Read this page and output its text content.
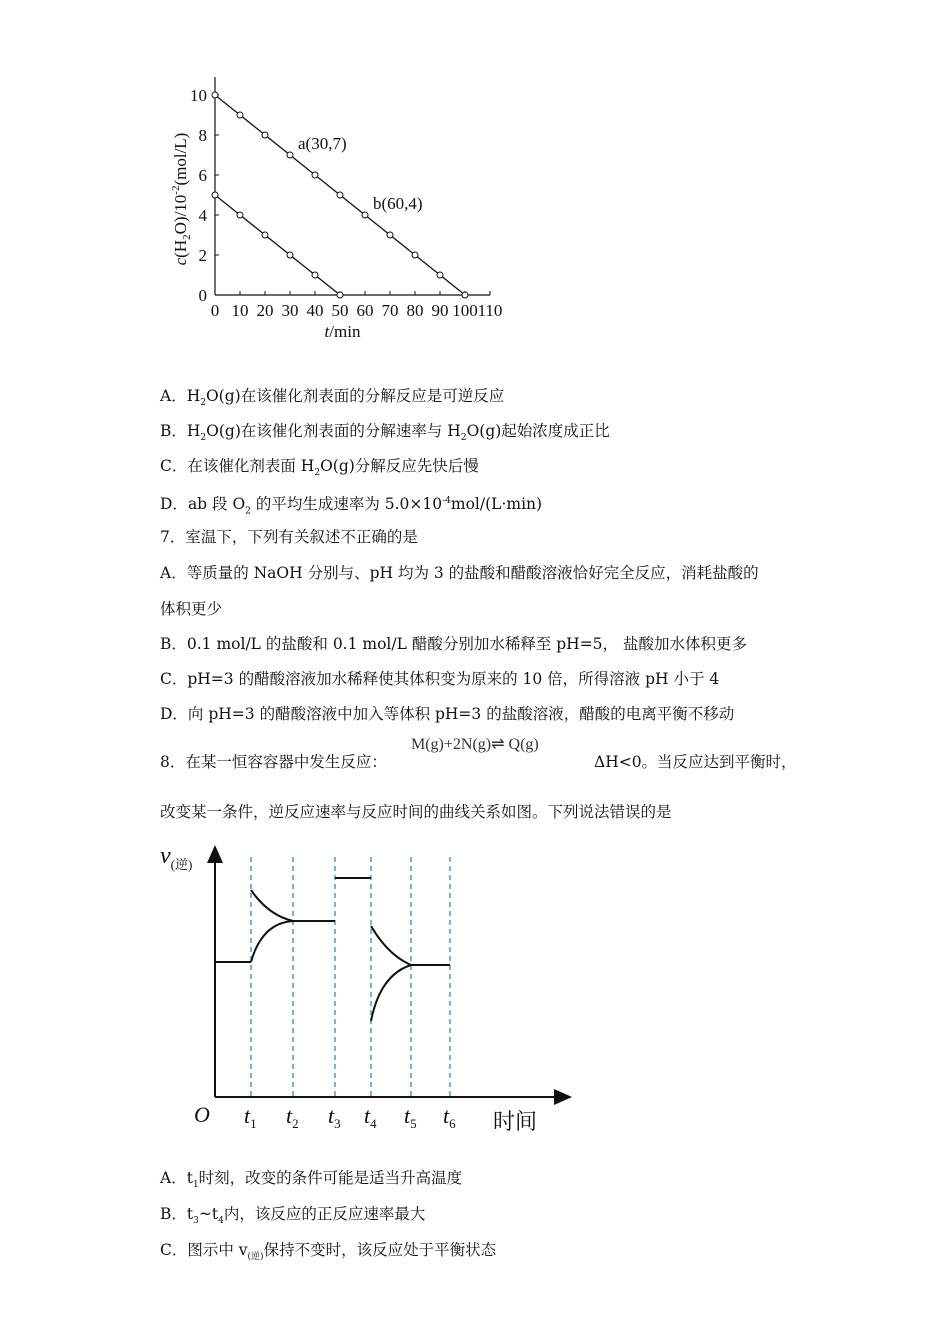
0 10 20 30 40 50 60 70 80 90 100 110
0
2
4
6
8
10
a(30,7)
b(60,4)
t/min
$c(H_2O)/10^{-2}(mol/L)$
A．$H_2O(g)$在该催化剂表面的分解反应是可逆反应
B．$H_2O(g)$在该催化剂表面的分解速率与 $H_2O(g)$起始浓度成正比
C．在该催化剂表面 $H_2O(g)$分解反应先快后慢
D．ab 段 $O_2$ 的平均生成速率为 $5.0\times 10^{-4}mol/(L\cdot\min)$
7．室温下，下列有关叙述不正确的是
A．等质量的 NaOH 分别与、pH 均为 3 的盐酸和醋酸溶液恰好完全反应，消耗盐酸的
体积更少
B．0.1 mol/L 的盐酸和 0.1 mol/L 醋酸分别加水稀释至 pH=5， 盐酸加水体积更多
C．pH=3 的醋酸溶液加水稀释使其体积变为原来的 10 倍，所得溶液 pH 小于 4
D．向 pH=3 的醋酸溶液中加入等体积 pH=3 的盐酸溶液，醋酸的电离平衡不移动
8．在某一恒容容器中发生反应：
M(g)+2N(g)⇌ Q(g)
ΔH<0。当反应达到平衡时，
改变某一条件，逆反应速率与反应时间的曲线关系如图。下列说法错误的是
$v_{(逆)}$
O $t_1$ $t_2$ $t_3$ $t_4$ $t_5$ $t_6$ 时间
A．$t_1$时刻，改变的条件可能是适当升高温度
B．$t_3\sim t_4$内，该反应的正反应速率最大
C．图示中 $v_{(逆)}$保持不变时，该反应处于平衡状态
